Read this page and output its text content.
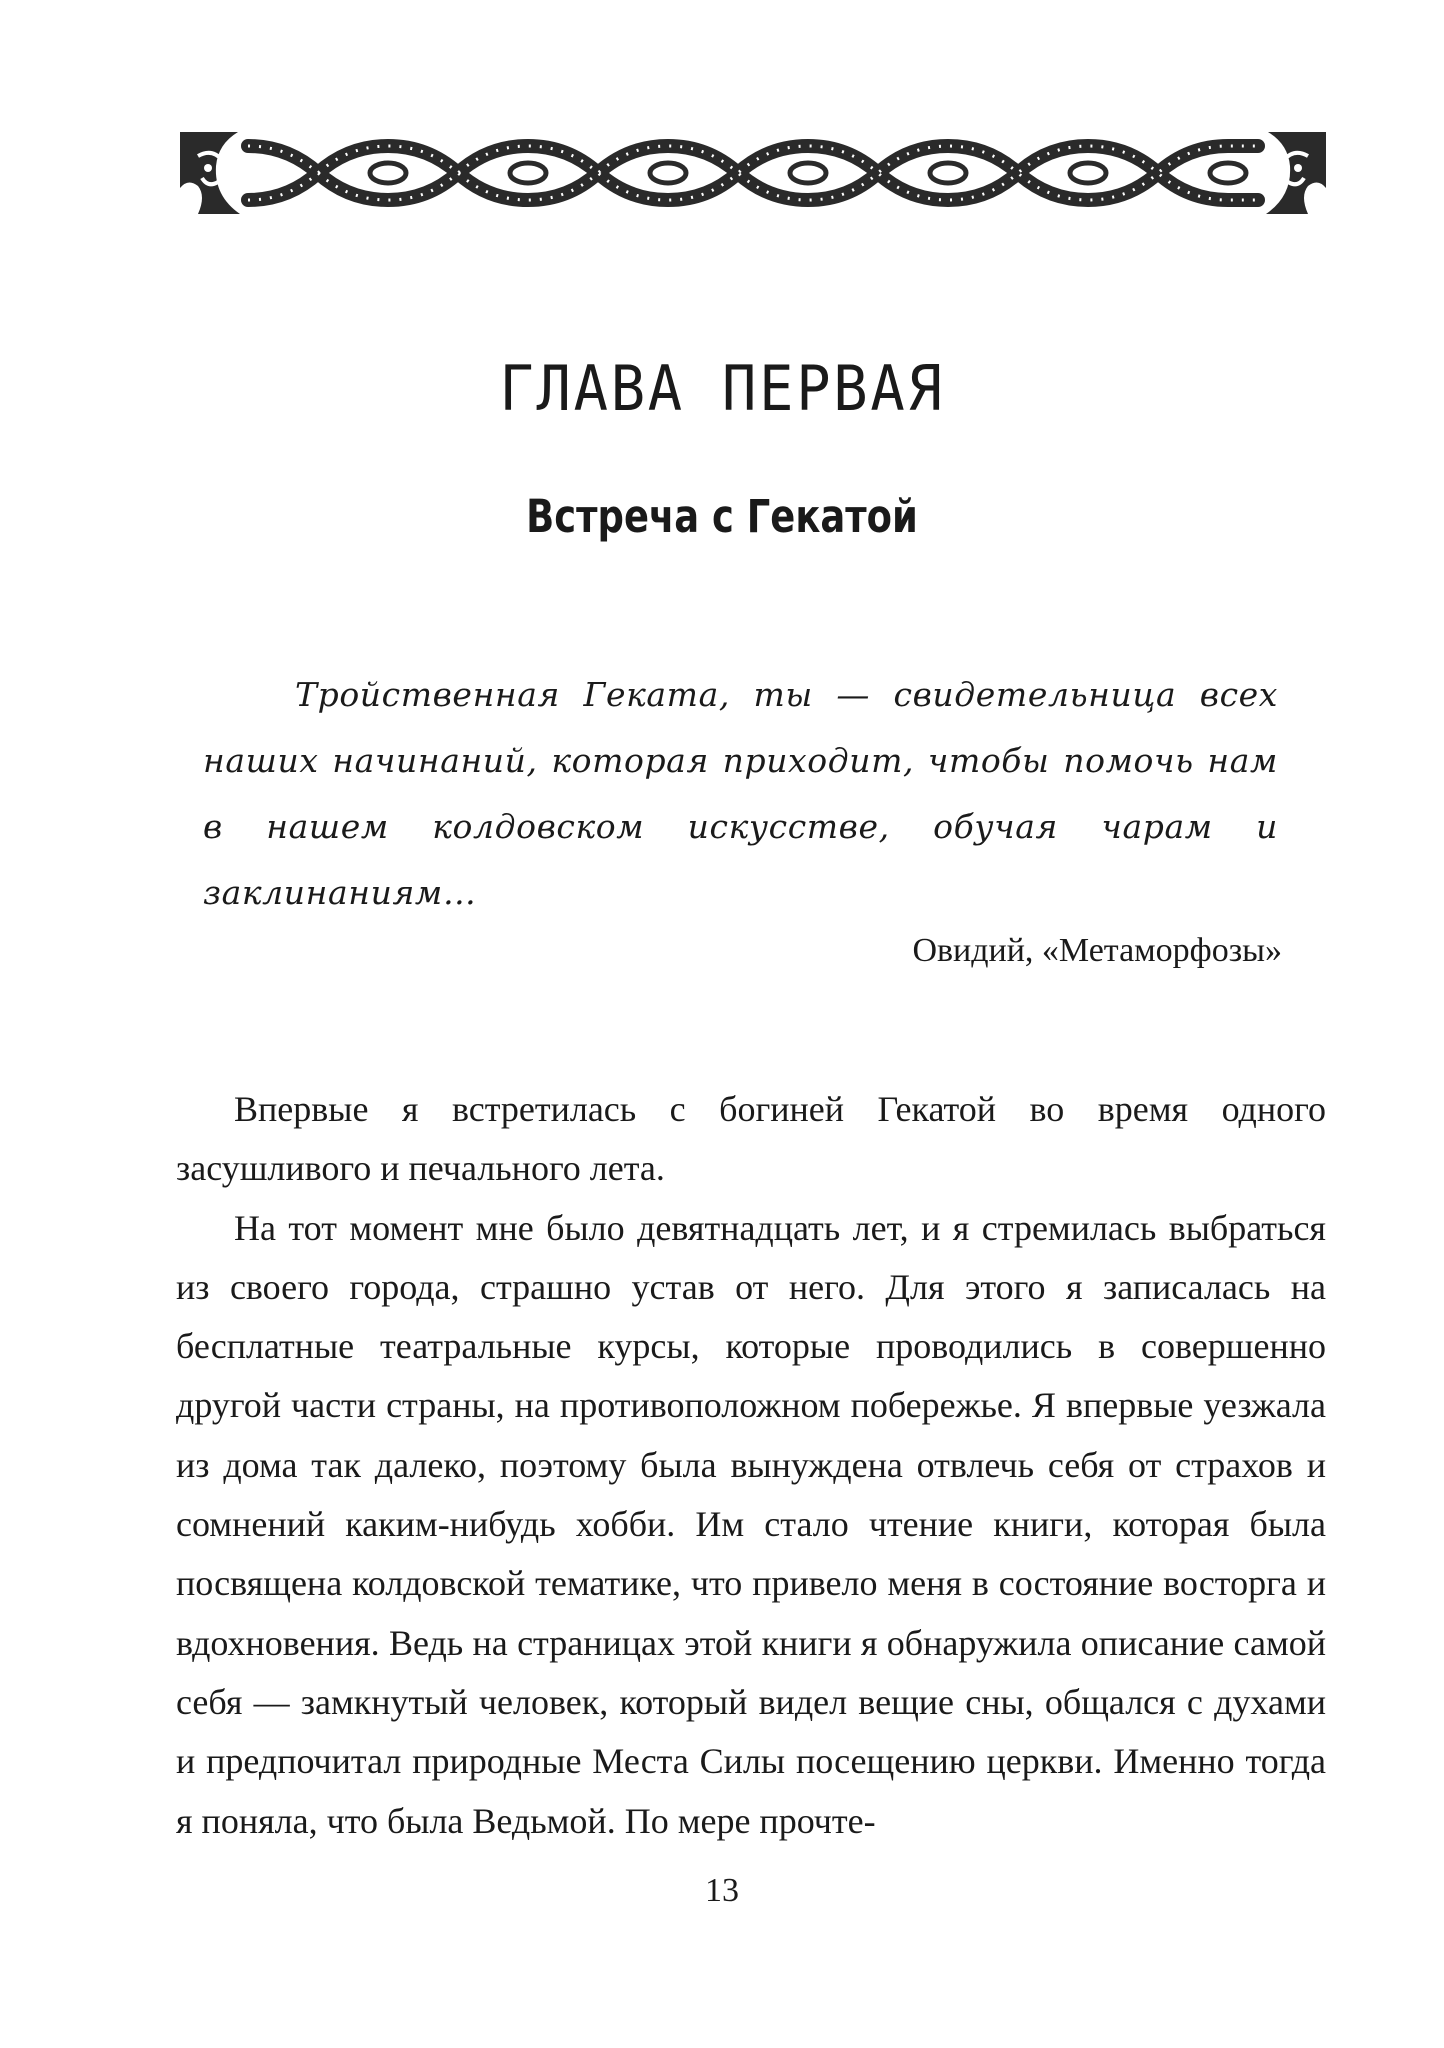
ГЛАВА ПЕРВАЯ
Встреча с Гекатой

Тройственная Геката, ты — свидетельница всех наших начинаний, которая приходит, чтобы помочь нам в нашем колдовском искусстве, обучая чарам и заклинаниям…

Овидий, «Метаморфозы»

Впервые я встретилась с богиней Гекатой во время одного засушливого и печального лета.

На тот момент мне было девятнадцать лет, и я стремилась выбраться из своего города, страшно устав от него. Для этого я записалась на бесплатные театральные курсы, которые проводились в совершенно другой части страны, на противоположном побережье. Я впервые уезжала из дома так далеко, поэтому была вынуждена отвлечь себя от страхов и сомнений каким-нибудь хобби. Им стало чтение книги, которая была посвящена колдовской тематике, что привело меня в состояние восторга и вдохновения. Ведь на страницах этой книги я обнаружила описание самой себя — замкнутый человек, который видел вещие сны, общался с духами и предпочитал природные Места Силы посещению церкви. Именно тогда я поняла, что была Ведьмой. По мере прочте-

13
